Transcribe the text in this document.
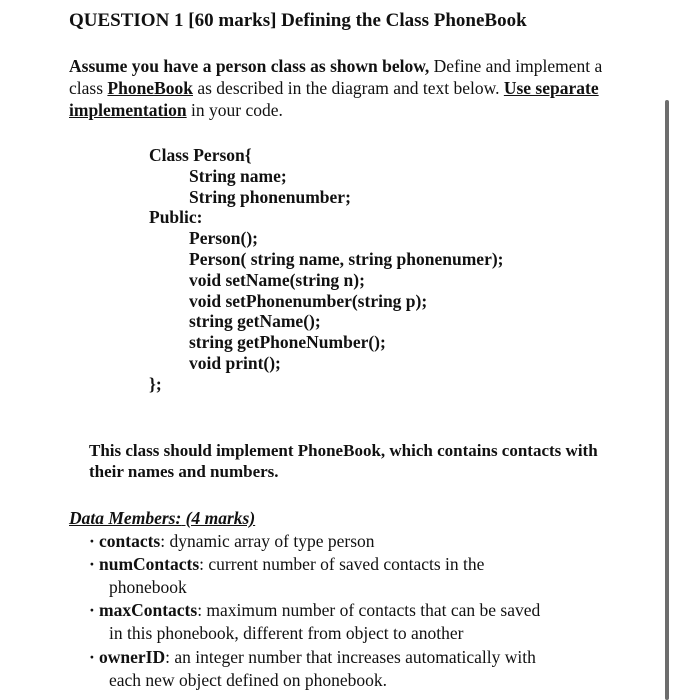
QUESTION 1 [60 marks] Defining the Class PhoneBook
Assume you have a person class as shown below, Define and implement a class PhoneBook as described in the diagram and text below. Use separate implementation in your code.
Class Person{
String name;
String phonenumber;
Public:
Person();
Person( string name, string phonenumer);
void setName(string n);
void setPhonenumber(string p);
string getName();
string getPhoneNumber();
void print();
};
This class should implement PhoneBook, which contains contacts with their names and numbers.
Data Members: (4 marks)
· contacts: dynamic array of type person
· numContacts: current number of saved contacts in the
phonebook
· maxContacts: maximum number of contacts that can be saved
in this phonebook, different from object to another
· ownerID: an integer number that increases automatically with
each new object defined on phonebook.
